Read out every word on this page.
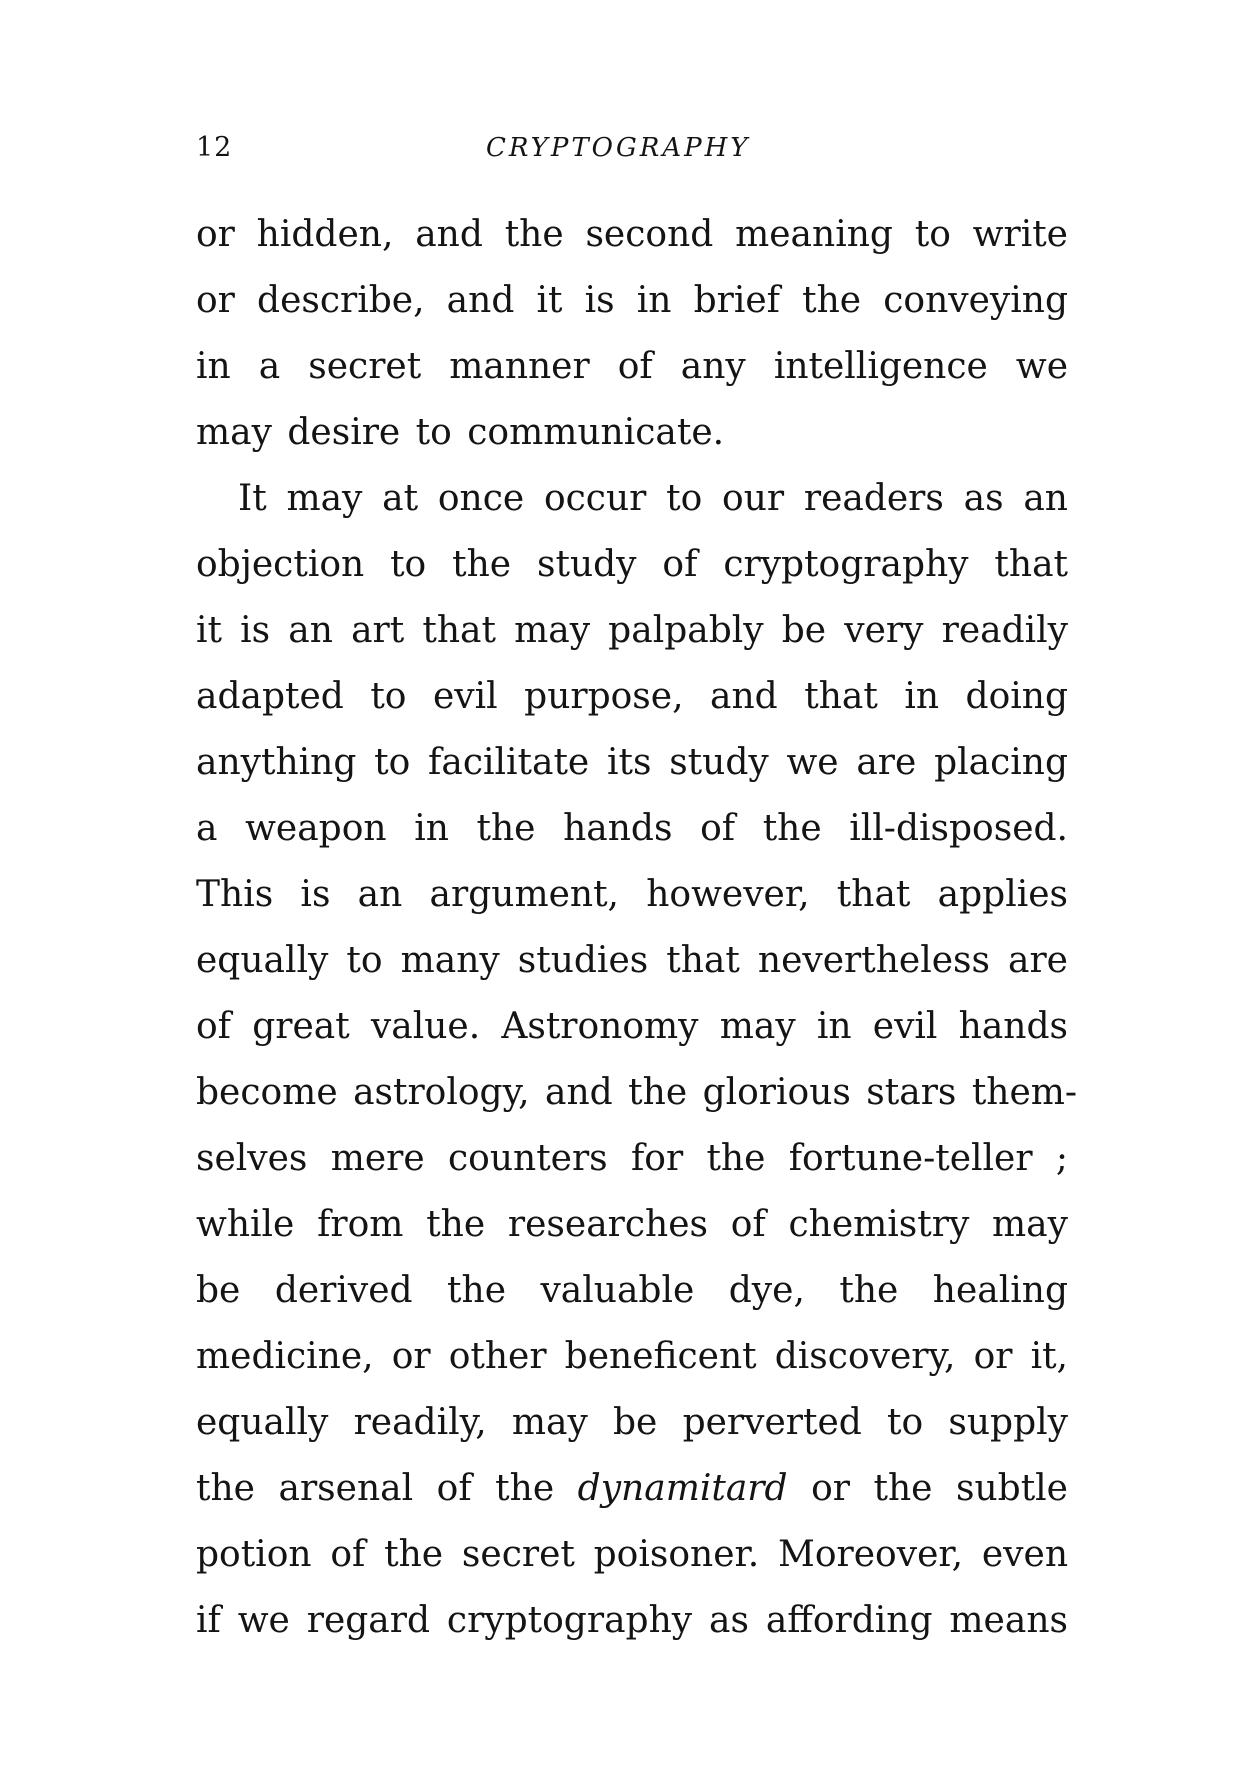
12	CRYPTOGRAPHY
or hidden, and the second meaning to write
or describe, and it is in brief the conveying
in a secret manner of any intelligence we
may desire to communicate.
It may at once occur to our readers as an
objection to the study of cryptography that
it is an art that may palpably be very readily
adapted to evil purpose, and that in doing
anything to facilitate its study we are placing
a weapon in the hands of the ill-disposed.
This is an argument, however, that applies
equally to many studies that nevertheless are
of great value. Astronomy may in evil hands
become astrology, and the glorious stars them-
selves mere counters for the fortune-teller ;
while from the researches of chemistry may
be derived the valuable dye, the healing
medicine, or other beneficent discovery, or it,
equally readily, may be perverted to supply
the arsenal of the dynamitard or the subtle
potion of the secret poisoner. Moreover, even
if we regard cryptography as affording means
